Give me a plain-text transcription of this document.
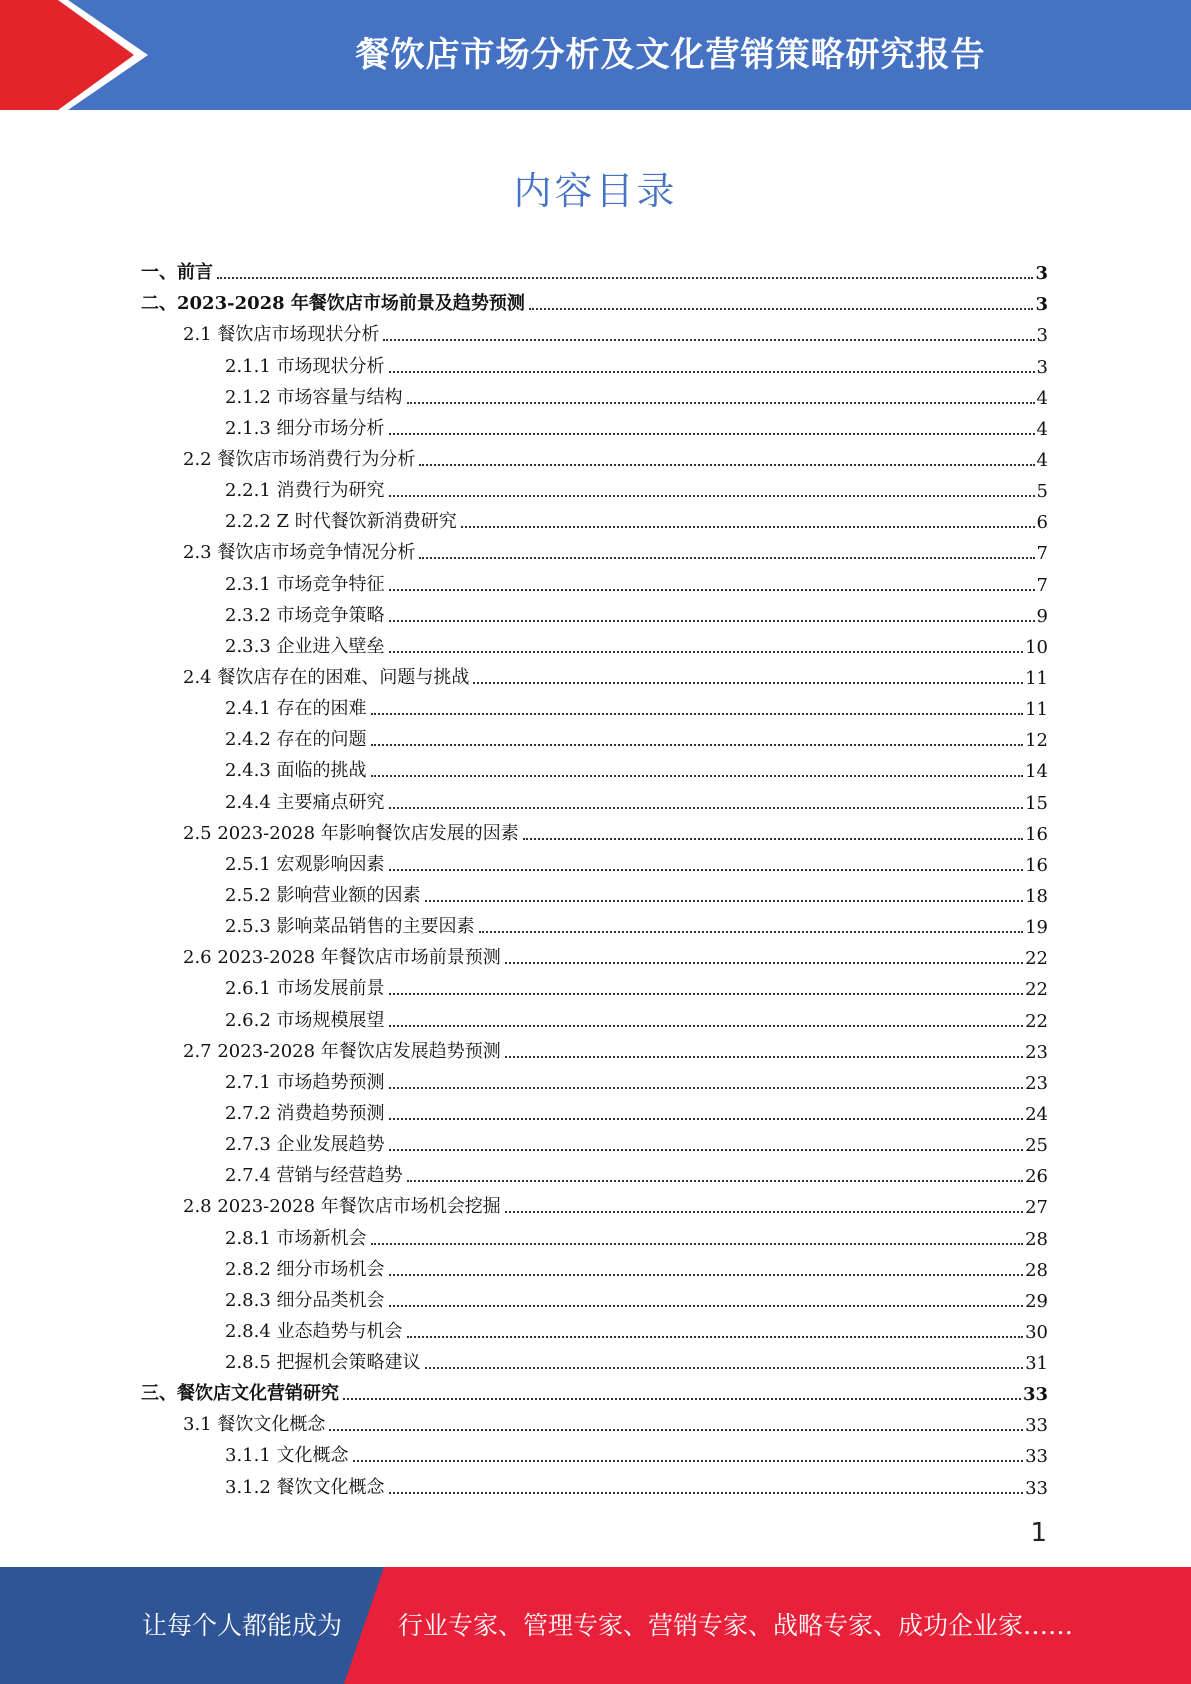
餐饮店市场分析及文化营销策略研究报告
内容目录
一、前言	3
二、2023-2028 年餐饮店市场前景及趋势预测	3
2.1 餐饮店市场现状分析	3
2.1.1 市场现状分析	3
2.1.2 市场容量与结构	4
2.1.3 细分市场分析	4
2.2 餐饮店市场消费行为分析	4
2.2.1 消费行为研究	5
2.2.2 Z 时代餐饮新消费研究	6
2.3 餐饮店市场竞争情况分析	7
2.3.1 市场竞争特征	7
2.3.2 市场竞争策略	9
2.3.3 企业进入壁垒	10
2.4 餐饮店存在的困难、问题与挑战	11
2.4.1 存在的困难	11
2.4.2 存在的问题	12
2.4.3 面临的挑战	14
2.4.4 主要痛点研究	15
2.5 2023-2028 年影响餐饮店发展的因素	16
2.5.1 宏观影响因素	16
2.5.2 影响营业额的因素	18
2.5.3 影响菜品销售的主要因素	19
2.6 2023-2028 年餐饮店市场前景预测	22
2.6.1 市场发展前景	22
2.6.2 市场规模展望	22
2.7 2023-2028 年餐饮店发展趋势预测	23
2.7.1 市场趋势预测	23
2.7.2 消费趋势预测	24
2.7.3 企业发展趋势	25
2.7.4 营销与经营趋势	26
2.8 2023-2028 年餐饮店市场机会挖掘	27
2.8.1 市场新机会	28
2.8.2 细分市场机会	28
2.8.3 细分品类机会	29
2.8.4 业态趋势与机会	30
2.8.5 把握机会策略建议	31
三、餐饮店文化营销研究	33
3.1 餐饮文化概念	33
3.1.1 文化概念	33
3.1.2 餐饮文化概念	33
1
让每个人都能成为 行业专家、管理专家、营销专家、战略专家、成功企业家……
